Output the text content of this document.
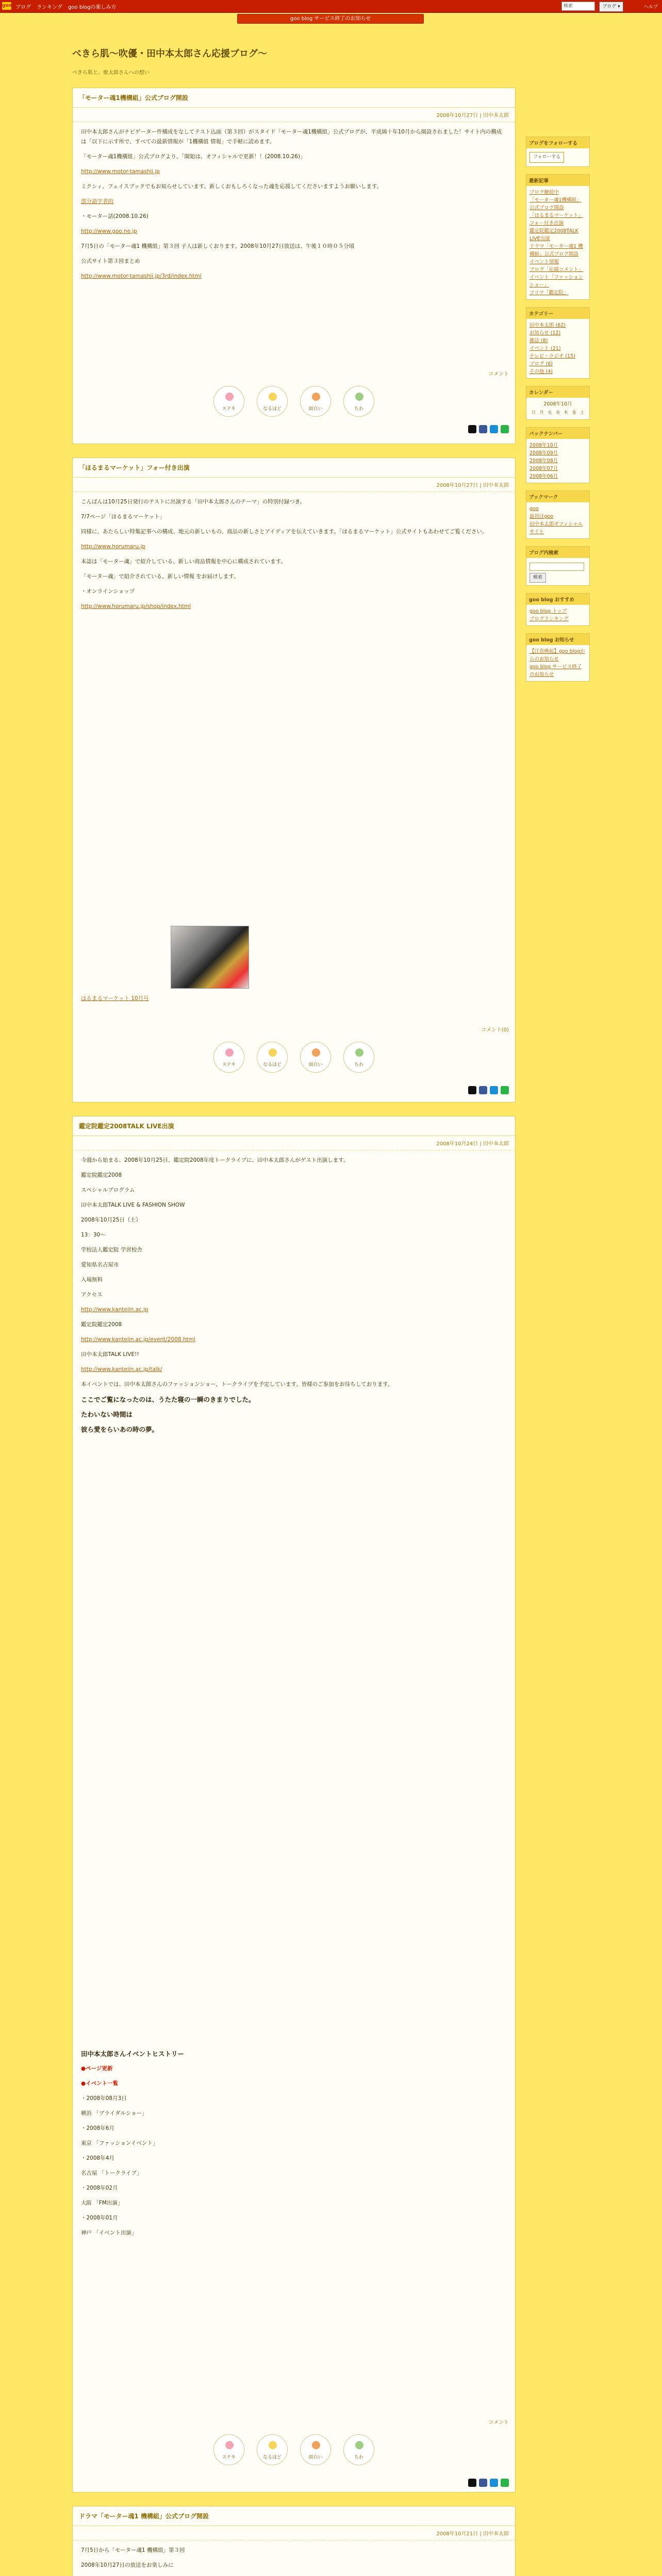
goo ブログ ランキング goo blogの楽しみ方	検索	ブログ ▾	ヘルプ
goo blog サービス終了のお知らせ
べきら肌～吹優・田中本太郎さん応援ブログ～
べきら肌と、歌太郎さんへの想い
「モーター魂1機構組」公式ブログ開設
2008年10月27日 | 田中本太郎

田中本太郎さんがナビゲーター件構成をなしてテスト込面（第３回）がスタイド「モーター魂1機構組」公式ブログが、平成綿十年10月から開設されました！サイト内の構成は「以下に示す所で、すべての最新情報が「1機構組 情報」で手軽に読めます。

「モーター魂1機構組」公式ブログより、「開始は、オフィシャルで更新！！(2008.10.26)」

http://www.motor-tamashii.jp

ミクシィ、フェイスブックでもお知らせしています。新しくおもしろくなった魂を応援してくださいますようお願いします。

部分語字者的

・モーター話(2008.10.26)

http://www.goo.ne.jp

7月5日の「モーター魂1 機構組」第３回 子人は新しくおります。2008年10月27日放送は、午後１０時０５分頃

公式サイト第３回まとめ

http://www.motor-tamashii.jp/3rd/index.html

コメント
ステキ	なるほど	面白い	ちわ
「ほるまるマーケット」フォー付き出演
2008年10月27日 | 田中本太郎

こんばんは10月25日発行のテストに出演する「田中本太郎さんのテーマ」の特別付録つき。

7/7ページ「ほるまるマーケット」

同様に、あたらしい特集記事への構成、地元の新しいもの、商品の新しさとアイディアを伝えていきます。「ほるまるマーケット」公式サイトもあわせてご覧ください。

http://www.horumaru.jp

本誌は「モーター魂」で紹介している、新しい商品情報を中心に構成されています。

「モーター魂」で紹介されている、新しい情報 をお届けします。

・オンラインショップ

http://www.horumaru.jp/shop/index.html

ほるまるマーケット 10月号
コメント(0)
ステキ	なるほど	面白い	ちわ
鑑定院鑑定2008TALK LIVE出演
2008年10月24日 | 田中本太郎

今週から始まる、2008年10月25日、鑑定院2008年度トークライブに、田中本太郎さんがゲスト出演します。

鑑定院鑑定2008

スペシャルプログラム

田中本太郎TALK LIVE & FASHION SHOW

2008年10月25日（土）

13：30～

学校法人鑑定院 学習校舎

愛知県名古屋市

入場無料

アクセス

http://www.kanteiin.ac.jp

鑑定院鑑定2008

http://www.kanteiin.ac.jp/event/2008.html

田中本太郎TALK LIVE!!

http://www.kanteiin.ac.jp/talk/

本イベントでは、田中本太郎さんのファッションショー、トークライブを予定しています。皆様のご参加をお待ちしております。

ここでご覧になったのは、うたた寝の一瞬のきまりでした。

たわいない時間は

彼ら愛をらいあの時の夢。

田中本太郎さんイベントヒストリー

●ページ更新

●イベント一覧

・2008年08月3日

横浜 「ブライダルショー」

・2008年6月

東京 「ファッションイベント」

・2008年4月

名古屋 「トークライブ」

・2008年02月

大阪 「FM出演」

・2008年01月

神戸 「イベント出演」

コメント
ステキ	なるほど	面白い	ちわ
ドラマ「モーター魂1 機構組」公式ブログ開設
2008年10月21日 | 田中本太郎

7月5日から「モーター魂1 機構組」第３回

2008年10月27日の放送をお楽しみに

ブログをフォローする
フォローする
最新記事
ブログ継続中
「モーター魂1機構組」公式ブログ開設
「ほるまるマーケット」フォー付き出演
鑑定院鑑定2008TALK LIVE出演
ドラマ「モーター魂1 機構組」公式ブログ開設
イベント情報
ブログ「応援コメント」
イベント「ファッションショー」
フリマ「鑑定院」
カテゴリー
田中本太郎 (62)
お知らせ (12)
雑誌 (8)
イベント (21)
テレビ・ラジオ (15)
ブログ (6)
その他 (4)
カレンダー
2008年10月
日	月	火	水	木	金	土
バックナンバー
2008年10月
2008年09月
2008年08月
2008年07月
2008年06月
ブックマーク
goo
最初はgoo
田中本太郎オフィシャルサイト
ブログ内検索
検索
goo blog おすすめ
goo blog トップ
ブログランキング
goo blog お知らせ
【注意喚起】goo blogからのお知らせ
goo blog サービス終了のお知らせ
